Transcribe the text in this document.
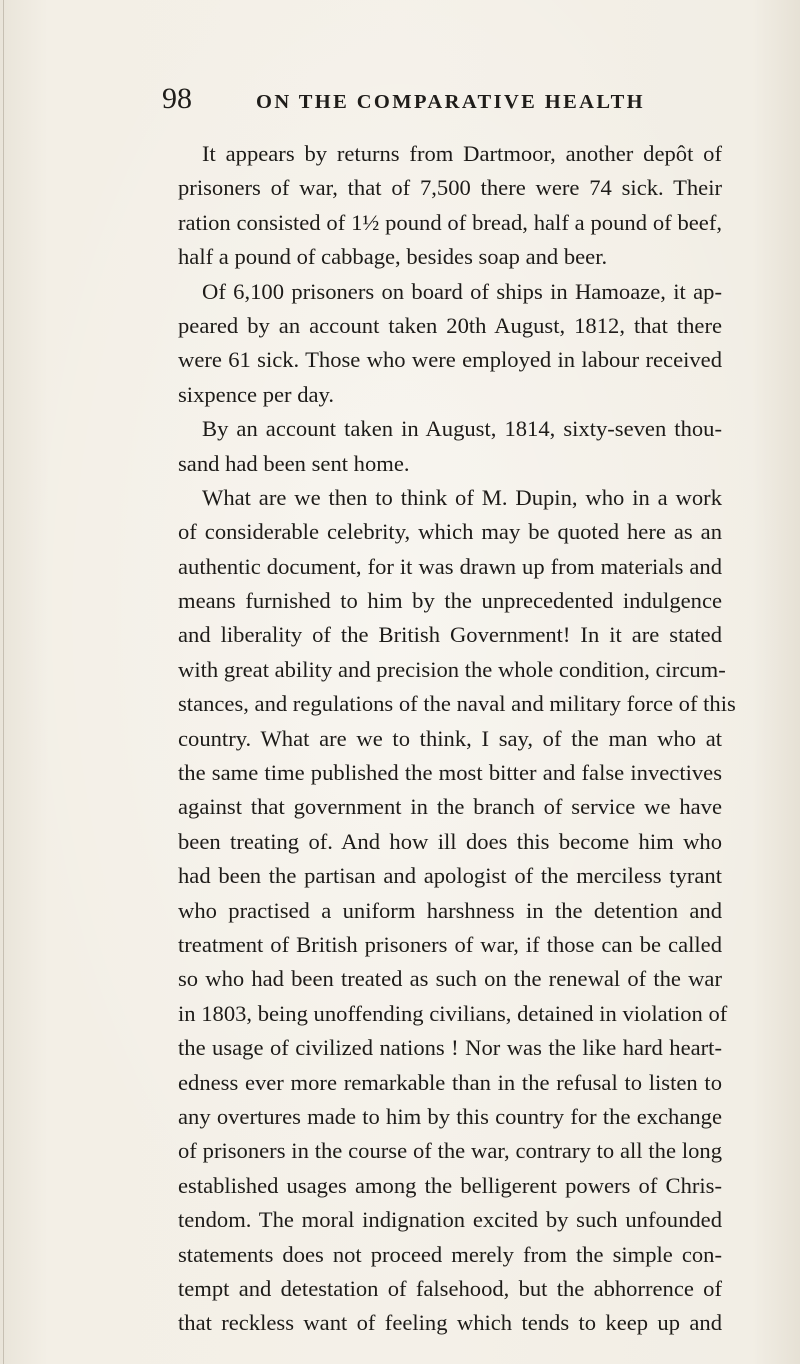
98	ON THE COMPARATIVE HEALTH
It appears by returns from Dartmoor, another depôt of
prisoners of war, that of 7,500 there were 74 sick. Their
ration consisted of 1½ pound of bread, half a pound of beef,
half a pound of cabbage, besides soap and beer.
Of 6,100 prisoners on board of ships in Hamoaze, it ap-
peared by an account taken 20th August, 1812, that there
were 61 sick. Those who were employed in labour received
sixpence per day.
By an account taken in August, 1814, sixty-seven thou-
sand had been sent home.
What are we then to think of M. Dupin, who in a work
of considerable celebrity, which may be quoted here as an
authentic document, for it was drawn up from materials and
means furnished to him by the unprecedented indulgence
and liberality of the British Government! In it are stated
with great ability and precision the whole condition, circum-
stances, and regulations of the naval and military force of this
country. What are we to think, I say, of the man who at
the same time published the most bitter and false invectives
against that government in the branch of service we have
been treating of. And how ill does this become him who
had been the partisan and apologist of the merciless tyrant
who practised a uniform harshness in the detention and
treatment of British prisoners of war, if those can be called
so who had been treated as such on the renewal of the war
in 1803, being unoffending civilians, detained in violation of
the usage of civilized nations ! Nor was the like hard heart-
edness ever more remarkable than in the refusal to listen to
any overtures made to him by this country for the exchange
of prisoners in the course of the war, contrary to all the long
established usages among the belligerent powers of Chris-
tendom. The moral indignation excited by such unfounded
statements does not proceed merely from the simple con-
tempt and detestation of falsehood, but the abhorrence of
that reckless want of feeling which tends to keep up and
